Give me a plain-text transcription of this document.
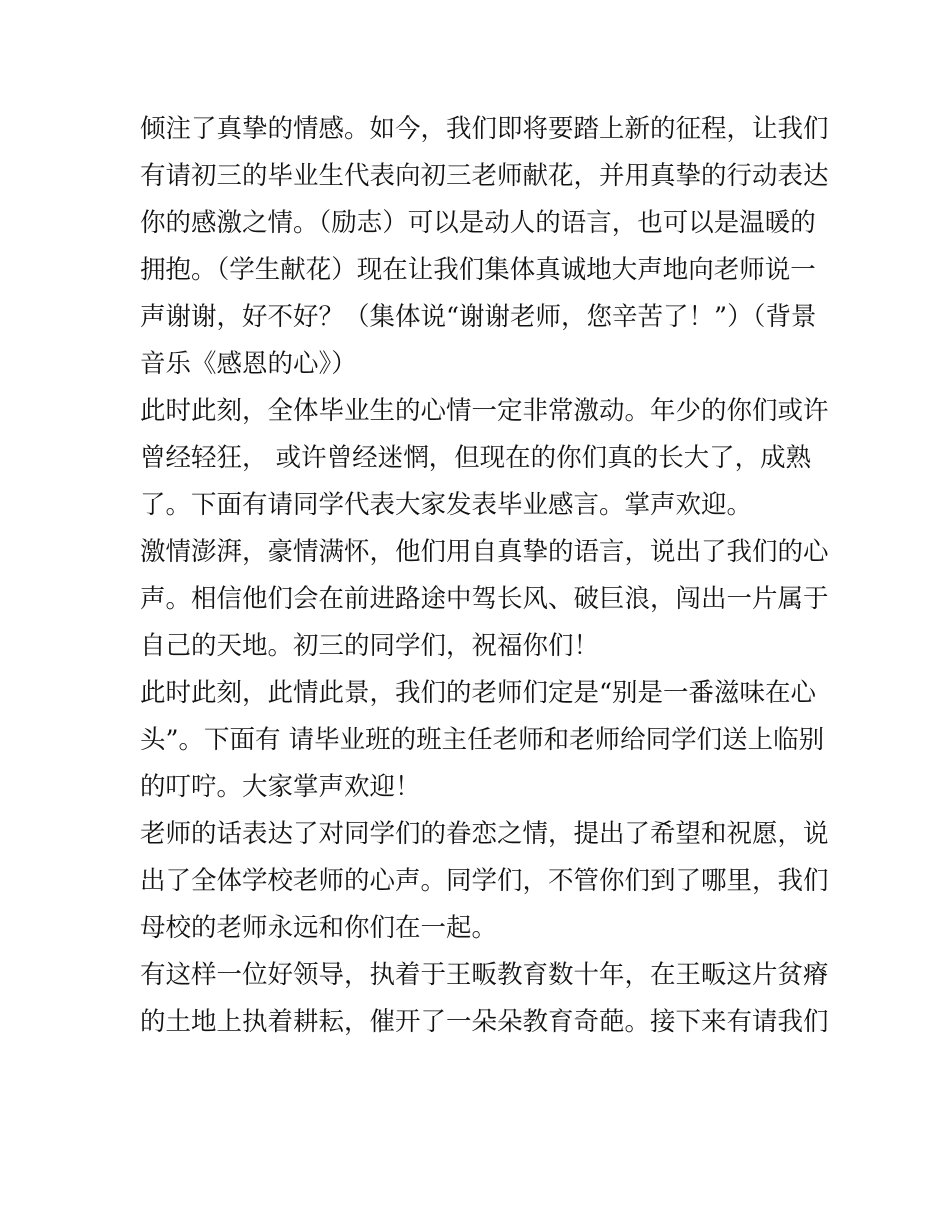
倾注了真挚的情感。如今，我们即将要踏上新的征程，让我们
有请初三的毕业生代表向初三老师献花，并用真挚的行动表达
你的感激之情。（励志）可以是动人的语言，也可以是温暖的
拥抱。（学生献花）现在让我们集体真诚地大声地向老师说一
声谢谢，好不好？（集体说“谢谢老师，您辛苦了！”）（背景
音乐《感恩的心》）
此时此刻，全体毕业生的心情一定非常激动。年少的你们或许
曾经轻狂， 或许曾经迷惘，但现在的你们真的长大了，成熟
了。下面有请同学代表大家发表毕业感言。掌声欢迎。
激情澎湃，豪情满怀，他们用自真挚的语言，说出了我们的心
声。相信他们会在前进路途中驾长风、破巨浪，闯出一片属于
自己的天地。初三的同学们，祝福你们！
此时此刻，此情此景，我们的老师们定是“别是一番滋味在心
头”。下面有 请毕业班的班主任老师和老师给同学们送上临别
的叮咛。大家掌声欢迎！
老师的话表达了对同学们的眷恋之情，提出了希望和祝愿，说
出了全体学校老师的心声。同学们，不管你们到了哪里，我们
母校的老师永远和你们在一起。
有这样一位好领导，执着于王畈教育数十年，在王畈这片贫瘠
的土地上执着耕耘，催开了一朵朵教育奇葩。接下来有请我们
